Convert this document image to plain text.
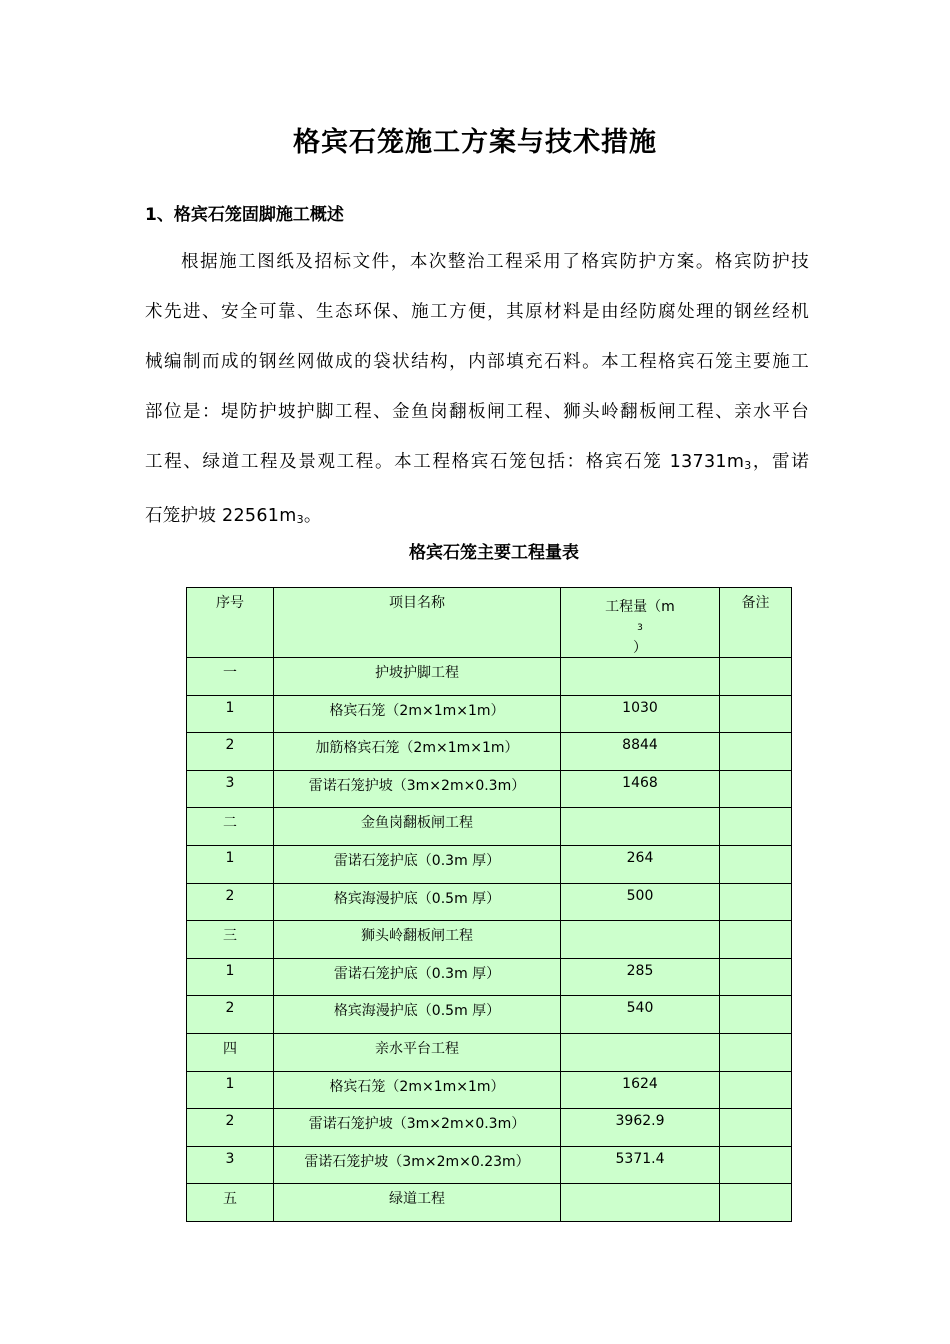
格宾石笼施工方案与技术措施
1、格宾石笼固脚施工概述
根据施工图纸及招标文件，本次整治工程采用了格宾防护方案。格宾防护技
术先进、安全可靠、生态环保、施工方便，其原材料是由经防腐处理的钢丝经机
械编制而成的钢丝网做成的袋状结构，内部填充石料。本工程格宾石笼主要施工
部位是：堤防护坡护脚工程、金鱼岗翻板闸工程、狮头岭翻板闸工程、亲水平台
工程、绿道工程及景观工程。本工程格宾石笼包括：格宾石笼 $13731m_3$，雷诺
石笼护坡 $22561m_3$。
格宾石笼主要工程量表
序号	项目名称	工程量（m
$_3$
）	备注

一	护坡护脚工程		

1	格宾石笼（2m×1m×1m）	1030	

2	加筋格宾石笼（2m×1m×1m）	8844	

3	雷诺石笼护坡（3m×2m×0.3m）	1468	

二	金鱼岗翻板闸工程		

1	雷诺石笼护底（0.3m 厚）	264	

2	格宾海漫护底（0.5m 厚）	500	

三	狮头岭翻板闸工程		

1	雷诺石笼护底（0.3m 厚）	285	

2	格宾海漫护底（0.5m 厚）	540	

四	亲水平台工程		

1	格宾石笼（2m×1m×1m）	1624	

2	雷诺石笼护坡（3m×2m×0.3m）	3962.9	

3	雷诺石笼护坡（3m×2m×0.23m）	5371.4	

五	绿道工程		
